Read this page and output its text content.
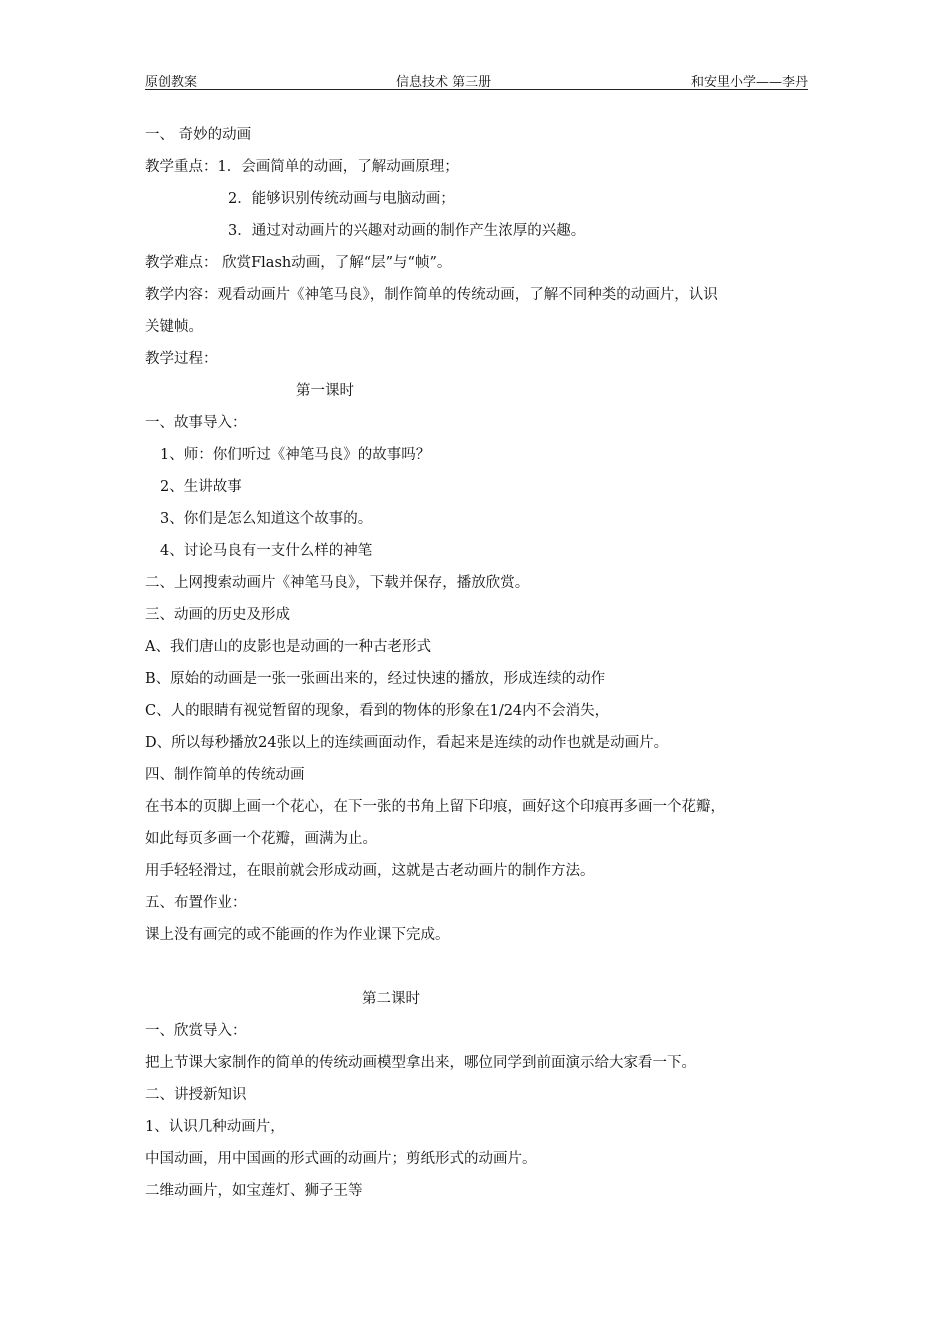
原创教案	信息技术 第三册	和安里小学——李丹
一、 奇妙的动画
教学重点：1．会画简单的动画，了解动画原理；
2．能够识别传统动画与电脑动画；
3．通过对动画片的兴趣对动画的制作产生浓厚的兴趣。
教学难点： 欣赏Flash动画，了解“层”与“帧”。
教学内容：观看动画片《神笔马良》，制作简单的传统动画，了解不同种类的动画片，认识
关键帧。
教学过程：
第一课时
一、故事导入：
1、师：你们听过《神笔马良》的故事吗？
2、生讲故事
3、你们是怎么知道这个故事的。
4、讨论马良有一支什么样的神笔
二、上网搜索动画片《神笔马良》，下载并保存，播放欣赏。
三、动画的历史及形成
A、我们唐山的皮影也是动画的一种古老形式
B、原始的动画是一张一张画出来的，经过快速的播放，形成连续的动作
C、人的眼睛有视觉暂留的现象，看到的物体的形象在1/24内不会消失，
D、所以每秒播放24张以上的连续画面动作，看起来是连续的动作也就是动画片。
四、制作简单的传统动画
在书本的页脚上画一个花心，在下一张的书角上留下印痕，画好这个印痕再多画一个花瓣，
如此每页多画一个花瓣，画满为止。
用手轻轻滑过，在眼前就会形成动画，这就是古老动画片的制作方法。
五、布置作业：
课上没有画完的或不能画的作为作业课下完成。
第二课时
一、欣赏导入：
把上节课大家制作的简单的传统动画模型拿出来，哪位同学到前面演示给大家看一下。
二、讲授新知识
1、认识几种动画片，
中国动画，用中国画的形式画的动画片；剪纸形式的动画片。
二维动画片，如宝莲灯、狮子王等
